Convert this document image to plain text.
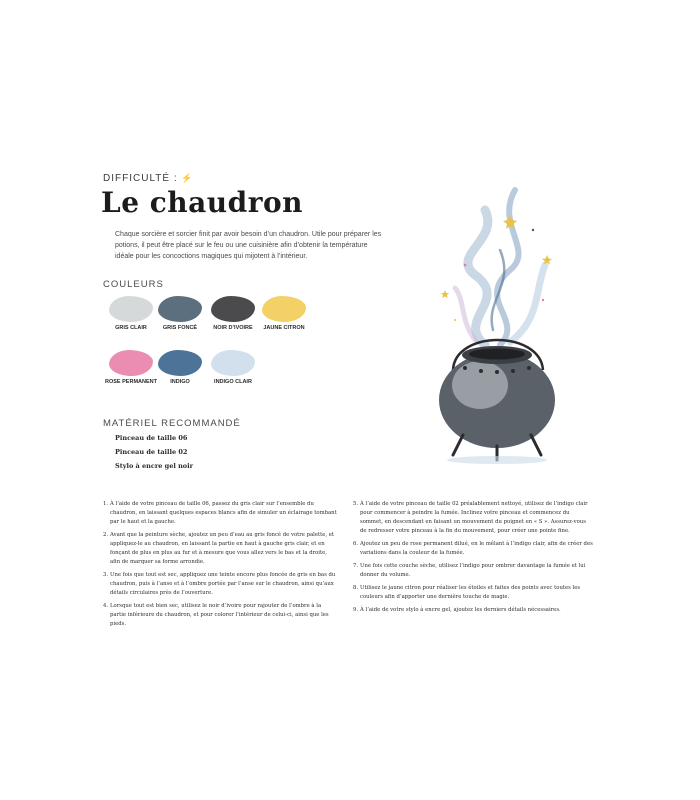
DIFFICULTÉ : ⚡
Le chaudron

Chaque sorcière et sorcier finit par avoir besoin d’un chaudron. Utile pour préparer les potions, il peut être placé sur le feu ou une cuisinière afin d’obtenir la température idéale pour les concoctions magiques qui mijotent à l’intérieur.

COULEURS
GRIS CLAIR	GRIS FONCÉ	NOIR D’IVOIRE	JAUNE CITRON
ROSE PERMANENT	INDIGO	INDIGO CLAIR
MATÉRIEL RECOMMANDÉ
Pinceau de taille 06
Pinceau de taille 02
Stylo à encre gel noir
1. À l’aide de votre pinceau de taille 06, passez du gris clair sur l’ensemble du chaudron, en laissant quelques espaces blancs afin de simuler un éclairage tombant par le haut et la gauche.
2. Avant que la peinture sèche, ajoutez un peu d’eau au gris foncé de votre palette, et appliquez-le au chaudron, en laissant la partie en haut à gauche gris clair, et en fonçant de plus en plus au fur et à mesure que vous allez vers le bas et la droite, afin de marquer sa forme arrondie.
3. Une fois que tout est sec, appliquez une teinte encore plus foncée de gris en bas du chaudron, puis à l’anse et à l’ombre portée par l’anse sur le chaudron, ainsi qu’aux détails circulaires près de l’ouverture.
4. Lorsque tout est bien sec, utilisez le noir d’ivoire pour rajouter de l’ombre à la partie inférieure du chaudron, et pour colorer l’intérieur de celui-ci, ainsi que les pieds.
5. À l’aide de votre pinceau de taille 02 préalablement nettoyé, utilisez de l’indigo clair pour commencer à peindre la fumée. Inclinez votre pinceau et commencez du sommet, en descendant en faisant un mouvement du poignet en « S ». Assurez-vous de redresser votre pinceau à la fin du mouvement, pour créer une pointe fine.
6. Ajoutez un peu de rose permanent dilué, en le mêlant à l’indigo clair, afin de créer des variations dans la couleur de la fumée.
7. Une fois cette couche sèche, utilisez l’indigo pour ombrer davantage la fumée et lui donner du volume.
8. Utilisez le jaune citron pour réaliser les étoiles et faites des points avec toutes les couleurs afin d’apporter une dernière touche de magie.
9. À l’aide de votre stylo à encre gel, ajoutez les derniers détails nécessaires.
